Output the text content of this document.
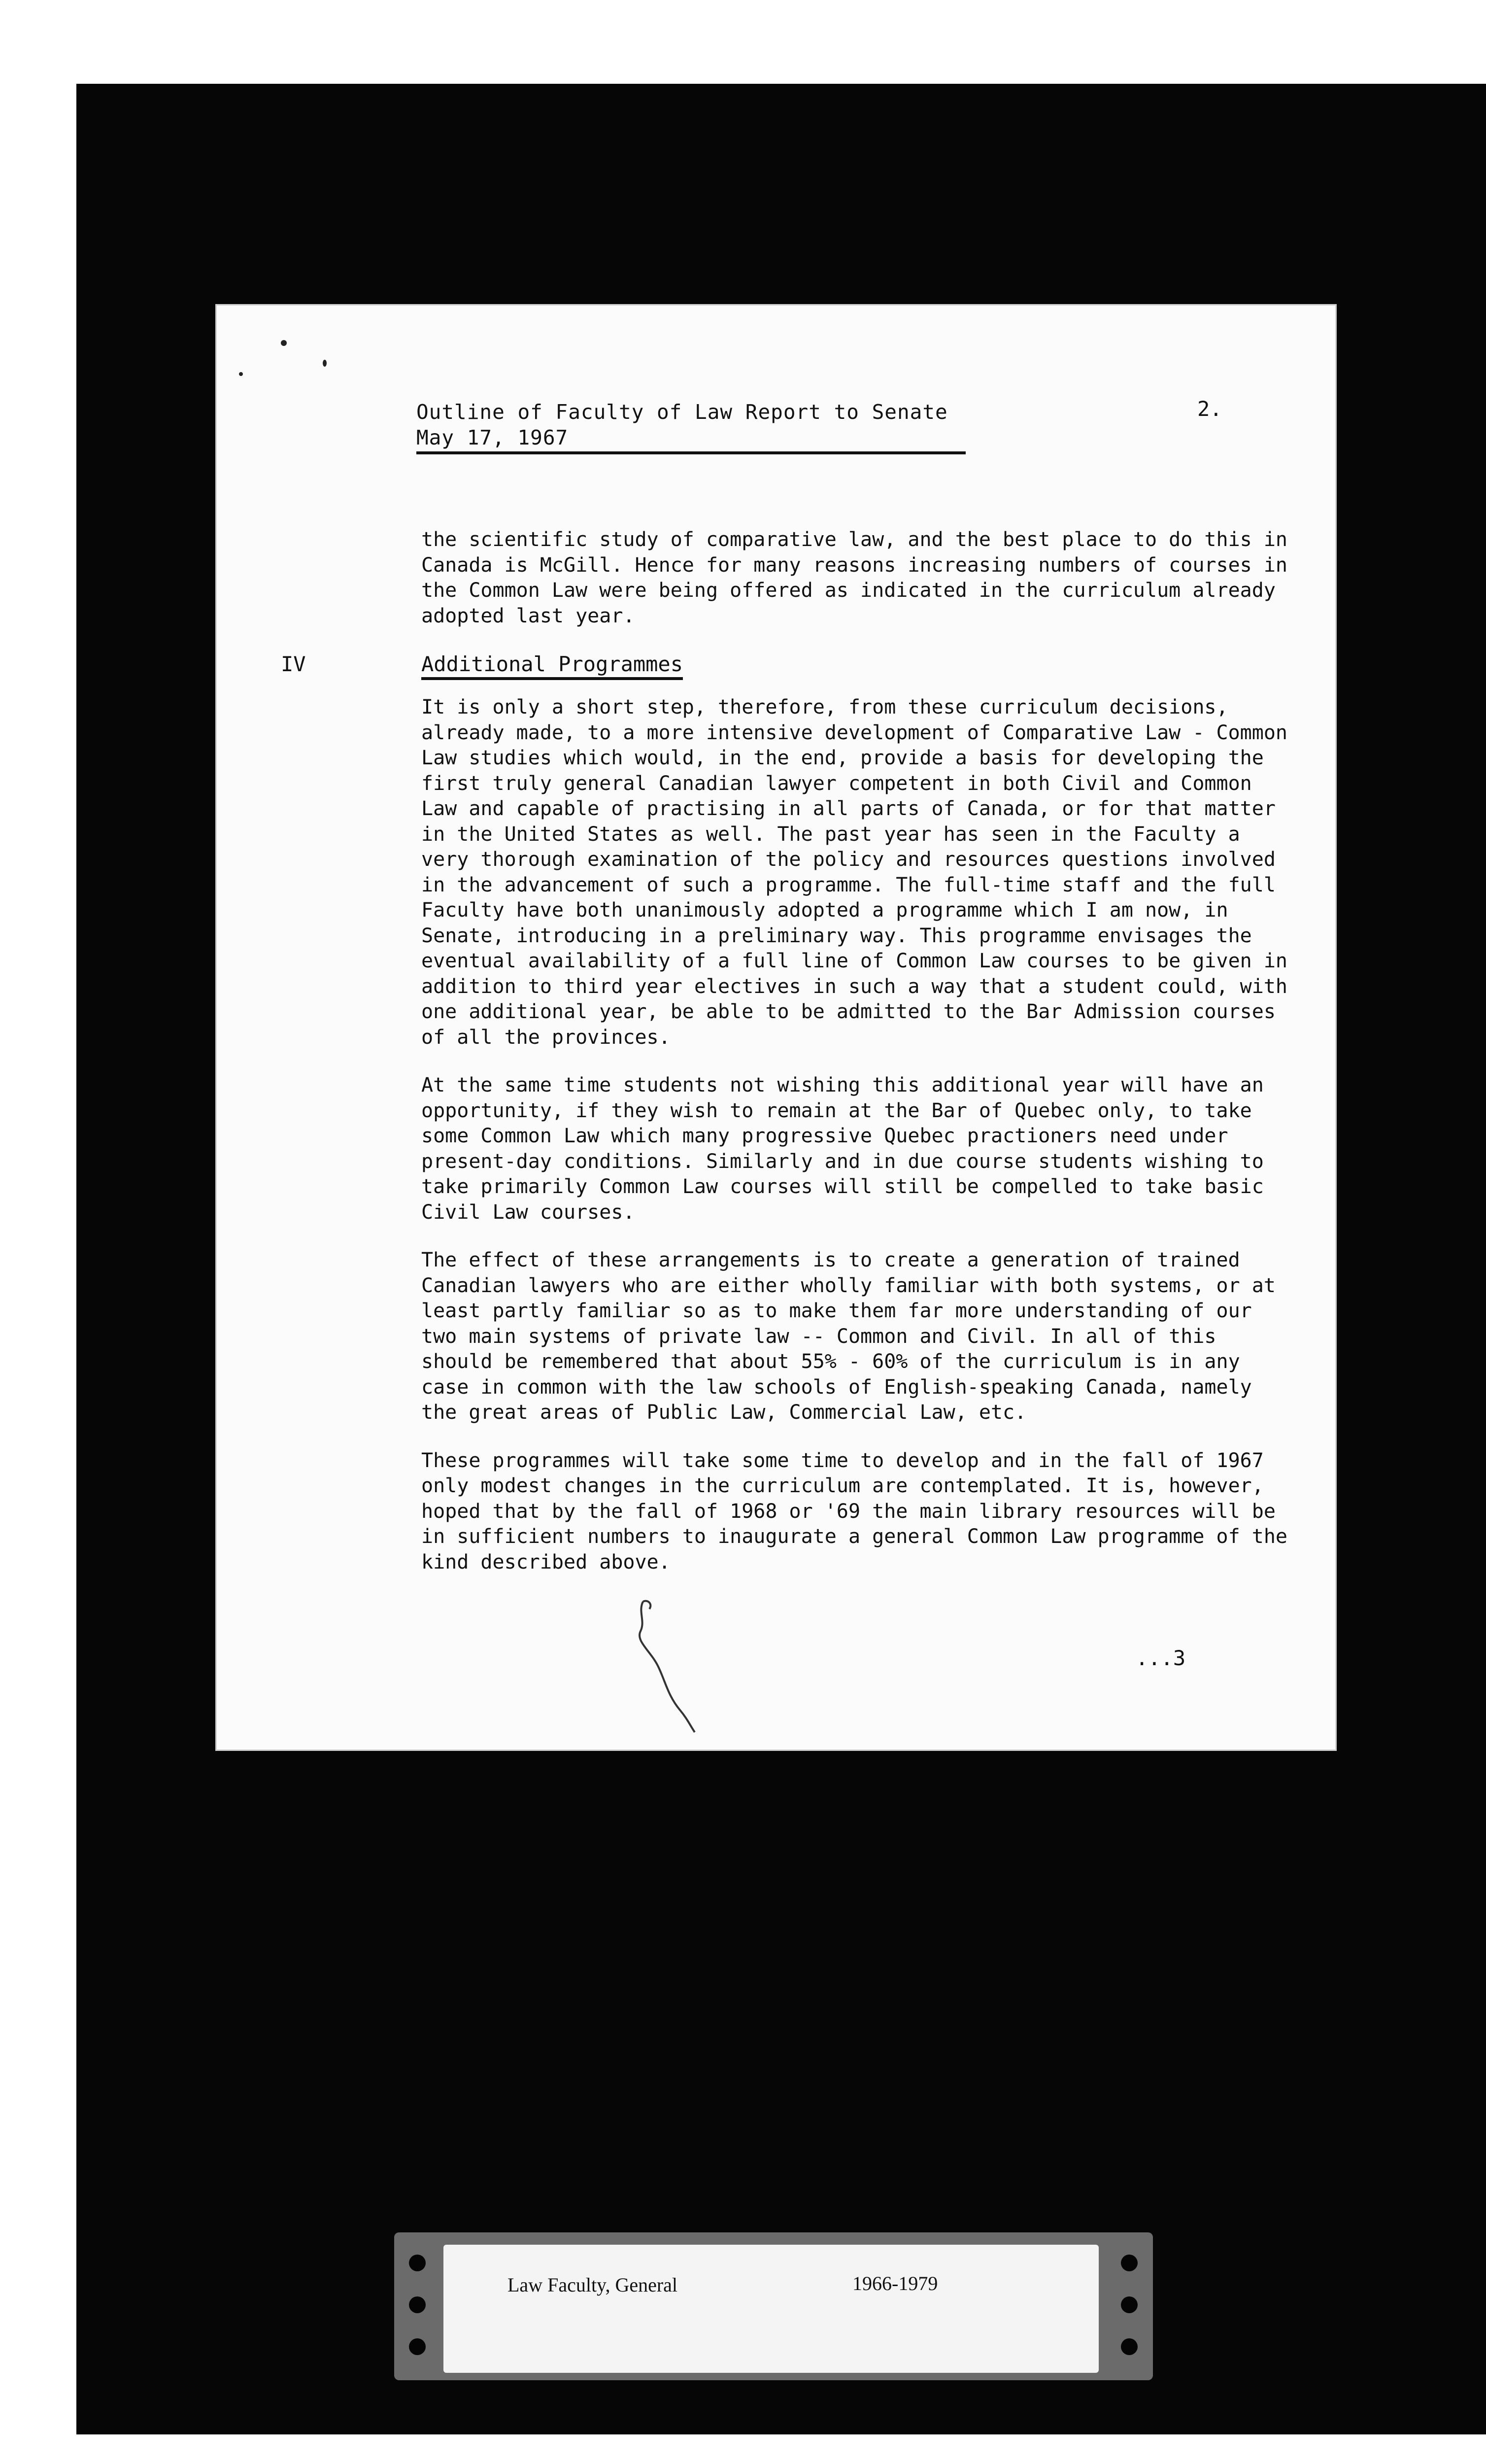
Outline of Faculty of Law Report to Senate
May 17, 1967
2.

the scientific study of comparative law, and the best place to do this in Canada is McGill. Hence for many reasons increasing numbers of courses in the Common Law were being offered as indicated in the curriculum already adopted last year.

IV	Additional Programmes

It is only a short step, therefore, from these curriculum decisions, already made, to a more intensive development of Comparative Law - Common Law studies which would, in the end, provide a basis for developing the first truly general Canadian lawyer competent in both Civil and Common Law and capable of practising in all parts of Canada, or for that matter in the United States as well. The past year has seen in the Faculty a very thorough examination of the policy and resources questions involved in the advancement of such a programme. The full-time staff and the full Faculty have both unanimously adopted a programme which I am now, in Senate, introducing in a preliminary way. This programme envisages the eventual availability of a full line of Common Law courses to be given in addition to third year electives in such a way that a student could, with one additional year, be able to be admitted to the Bar Admission courses of all the provinces.

At the same time students not wishing this additional year will have an opportunity, if they wish to remain at the Bar of Quebec only, to take some Common Law which many progressive Quebec practioners need under present-day conditions. Similarly and in due course students wishing to take primarily Common Law courses will still be compelled to take basic Civil Law courses.

The effect of these arrangements is to create a generation of trained Canadian lawyers who are either wholly familiar with both systems, or at least partly familiar so as to make them far more understanding of our two main systems of private law -- Common and Civil. In all of this should be remembered that about 55% - 60% of the curriculum is in any case in common with the law schools of English-speaking Canada, namely the great areas of Public Law, Commercial Law, etc.

These programmes will take some time to develop and in the fall of 1967 only modest changes in the curriculum are contemplated. It is, however, hoped that by the fall of 1968 or '69 the main library resources will be in sufficient numbers to inaugurate a general Common Law programme of the kind described above.

...3
Law Faculty, General	1966-1979
